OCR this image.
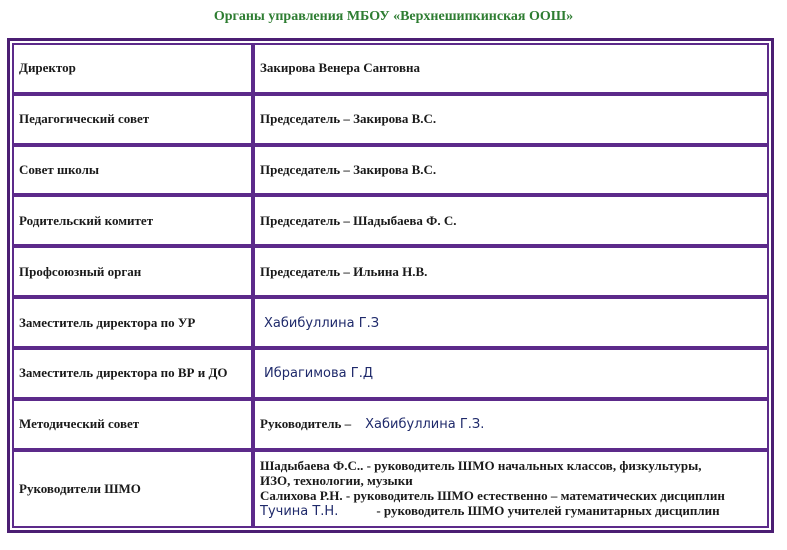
Органы управления МБОУ «Верхнешипкинская ООШ»
Директор	Закирова Венера Сантовна
Педагогический совет	Председатель – Закирова В.С.
Совет школы	Председатель – Закирова В.С.
Родительский комитет	Председатель – Шадыбаева Ф. С.
Профсоюзный орган	Председатель – Ильина Н.В.
Заместитель директора по УР	Хабибуллина Г.З
Заместитель директора по ВР и ДО	Ибрагимова Г.Д
Методический совет	Руководитель – Хабибуллина Г.З.
Руководители ШМО	Шадыбаева Ф.С.. - руководитель ШМО начальных классов, физкультуры,
ИЗО, технологии, музыки
Салихова Р.Н. - руководитель ШМО естественно – математических дисциплин
Тучина Т.Н. - руководитель ШМО учителей гуманитарных дисциплин
